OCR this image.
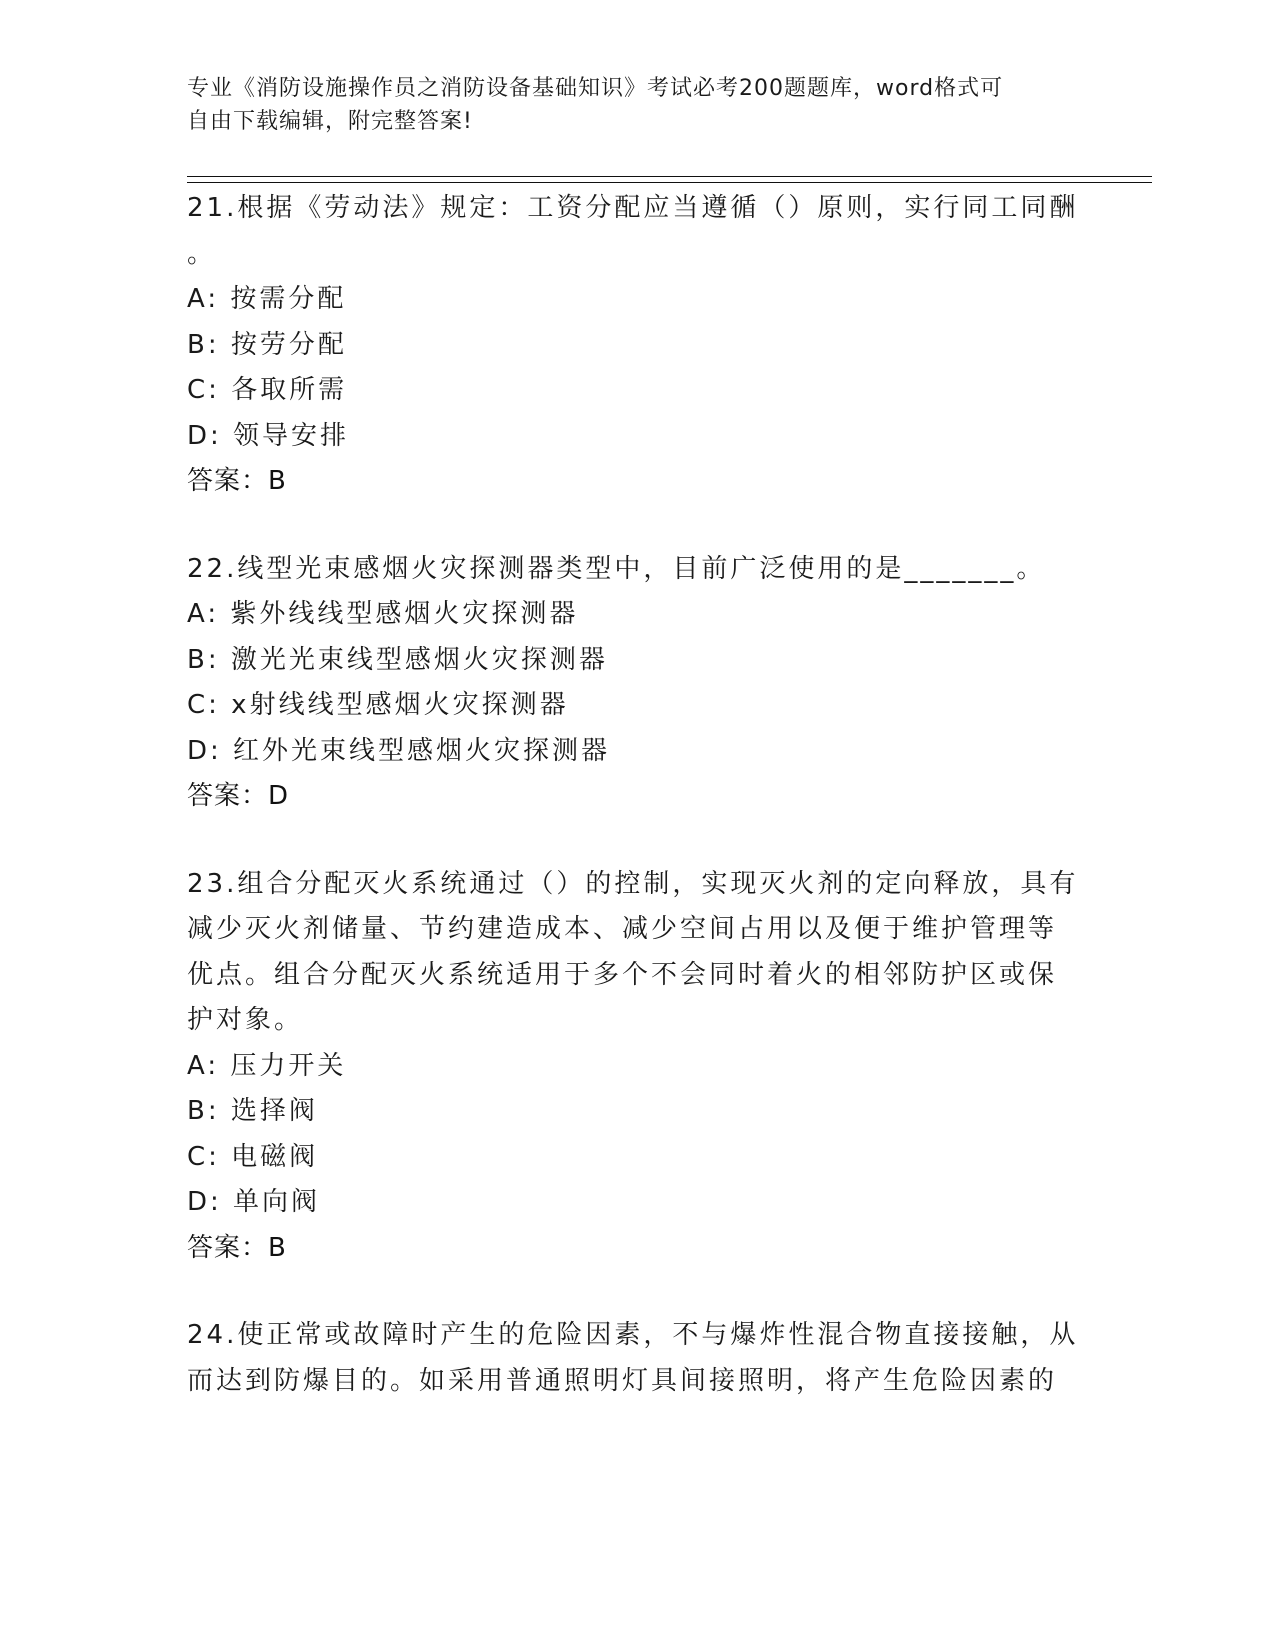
专业《消防设施操作员之消防设备基础知识》考试必考200题题库，word格式可
自由下载编辑，附完整答案!
21.根据《劳动法》规定：工资分配应当遵循（）原则，实行同工同酬
。
A: 按需分配
B: 按劳分配
C: 各取所需
D: 领导安排
答案：B
22.线型光束感烟火灾探测器类型中，目前广泛使用的是_______。
A: 紫外线线型感烟火灾探测器
B: 激光光束线型感烟火灾探测器
C: x射线线型感烟火灾探测器
D: 红外光束线型感烟火灾探测器
答案：D
23.组合分配灭火系统通过（）的控制，实现灭火剂的定向释放，具有
减少灭火剂储量、节约建造成本、减少空间占用以及便于维护管理等
优点。组合分配灭火系统适用于多个不会同时着火的相邻防护区或保
护对象。
A: 压力开关
B: 选择阀
C: 电磁阀
D: 单向阀
答案：B
24.使正常或故障时产生的危险因素，不与爆炸性混合物直接接触，从
而达到防爆目的。如采用普通照明灯具间接照明，将产生危险因素的
